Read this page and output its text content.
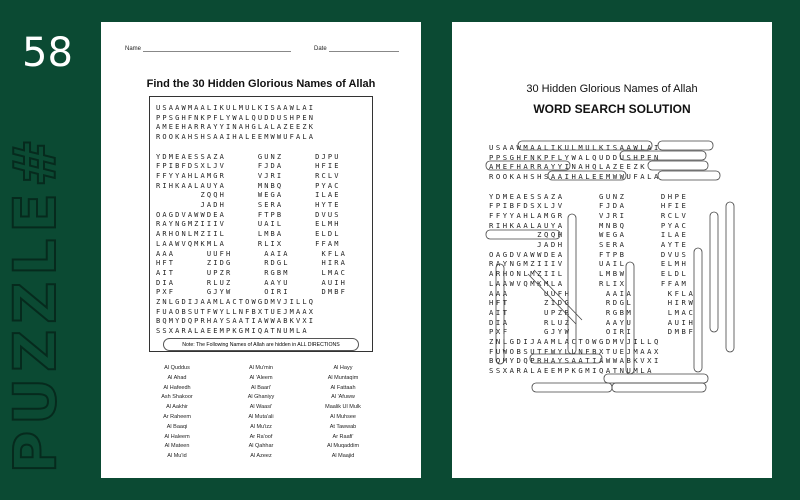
58
PUZZLE#
Name	Date
Find the 30 Hidden Glorious Names of Allah
USAAWMAALIKULMULKISAAWLAI
PPSGHFNKPFLYWALQUDDUSHPEN
AMEEHARRAYYINAHGLALAZEEZK
ROOKAHSHSAAIHALEEMWWUFALA

YDMEAESSAZA     GUNZ     DJPU
FPIBFDSXLJV     FJDA     HFIE
FFYYAHLAMGR     VJRI     RCLV
RIHKAALAUYA     MNBQ     PYAC
ZQQH     WEGA     ILAE
JADH     SERA     HYTE
OAGDVAWWDEA     FTPB     DVUS
RAYNGMZIIIV     UAIL     ELMH
ARHONLMZIIL     LMBA     ELDL
LAAWVQMKMLA     RLIX     FFAM
AAA     UUFH     AAIA     KFLA
HFT     ZIDG     RDGL     HIRA
AIT     UPZR     RGBM     LMAC
DIA     RLUZ     AAYU     AUIH
PXF     GJYW     OIRI     DMBF
ZNLGDIJAAMLACTOWGDMVJILLQ
FUAOBSUTFWYLLNFBXTUEJMAAX
BQMYDQPRHAYSAATIAWWABKVXI
SSXARALAEEMPKGMIQATNUMLA
Note: The Following Names of Allah are hidden in ALL DIRECTIONS
Al Quddus
Al Ahad
Al Hafeedh
Ash Shakoor
Al Aakhir
Ar Raheem
Al Baaqi
Al Haleem
Al Mateen
Al Mu'id
Al Mu'min
Al 'Aleem
Al Baari'
Al Ghaniyy
Al Waasi'
Al Muta'ali
Al Mu'izz
Ar Ra'oof
Al Qahhar
Al Azeez
Al Hayy
Al Muntaqim
Al Fattaah
Al 'Afuww
Maalik Ul Mulk
Al Muhsee
At Tawwab
Ar Raafi'
Al Muqaddim
Al Maajid
30 Hidden Glorious Names of Allah
WORD SEARCH SOLUTION
USAAWMAALIKULMULKISAAWLAI
PPSGHFNKPFLYWALQUDDUSHPEN
AMEFHARRAYYINAHQLAZEEZK
ROOKAHSHSAAIHALEEMWWUFALA

YDMEAESSAZA     GUNZ     DHPE
FPIBFDSXLJV     FJDA     HFIE
FFYYAHLAMGR     VJRI     RCLV
RIHKAALAUYA     MNBQ     PYAC
ZQQH     WEGA     ILAE
JADH     SERA     AYTE
OAGDVAWWDEA     FTPB     DVUS
RAYNGMZIIIV     UAIL     ELMH
ARHONLMZIIL     LMBW     ELDL
LAAWVQMKMLA     RLIX     FFAM
AAA     UUFH     AAIA     KFLA
HFT     ZIDG     RDGL     HIRW
AIT     UPZR     RGBM     LMAC
DIA     RLUZ     AAYU     AUIH
PXF     GJYW     OIRI     DMBF
ZNLGDIJAAMLACTOWGDMVJILLQ
FUWOBSUTFWYLLNFBXTUEJMAAX
BQMYDQPRHAYSAATIAWWABKVXI
SSXARALAEEMPKGMIQATNUMLA
